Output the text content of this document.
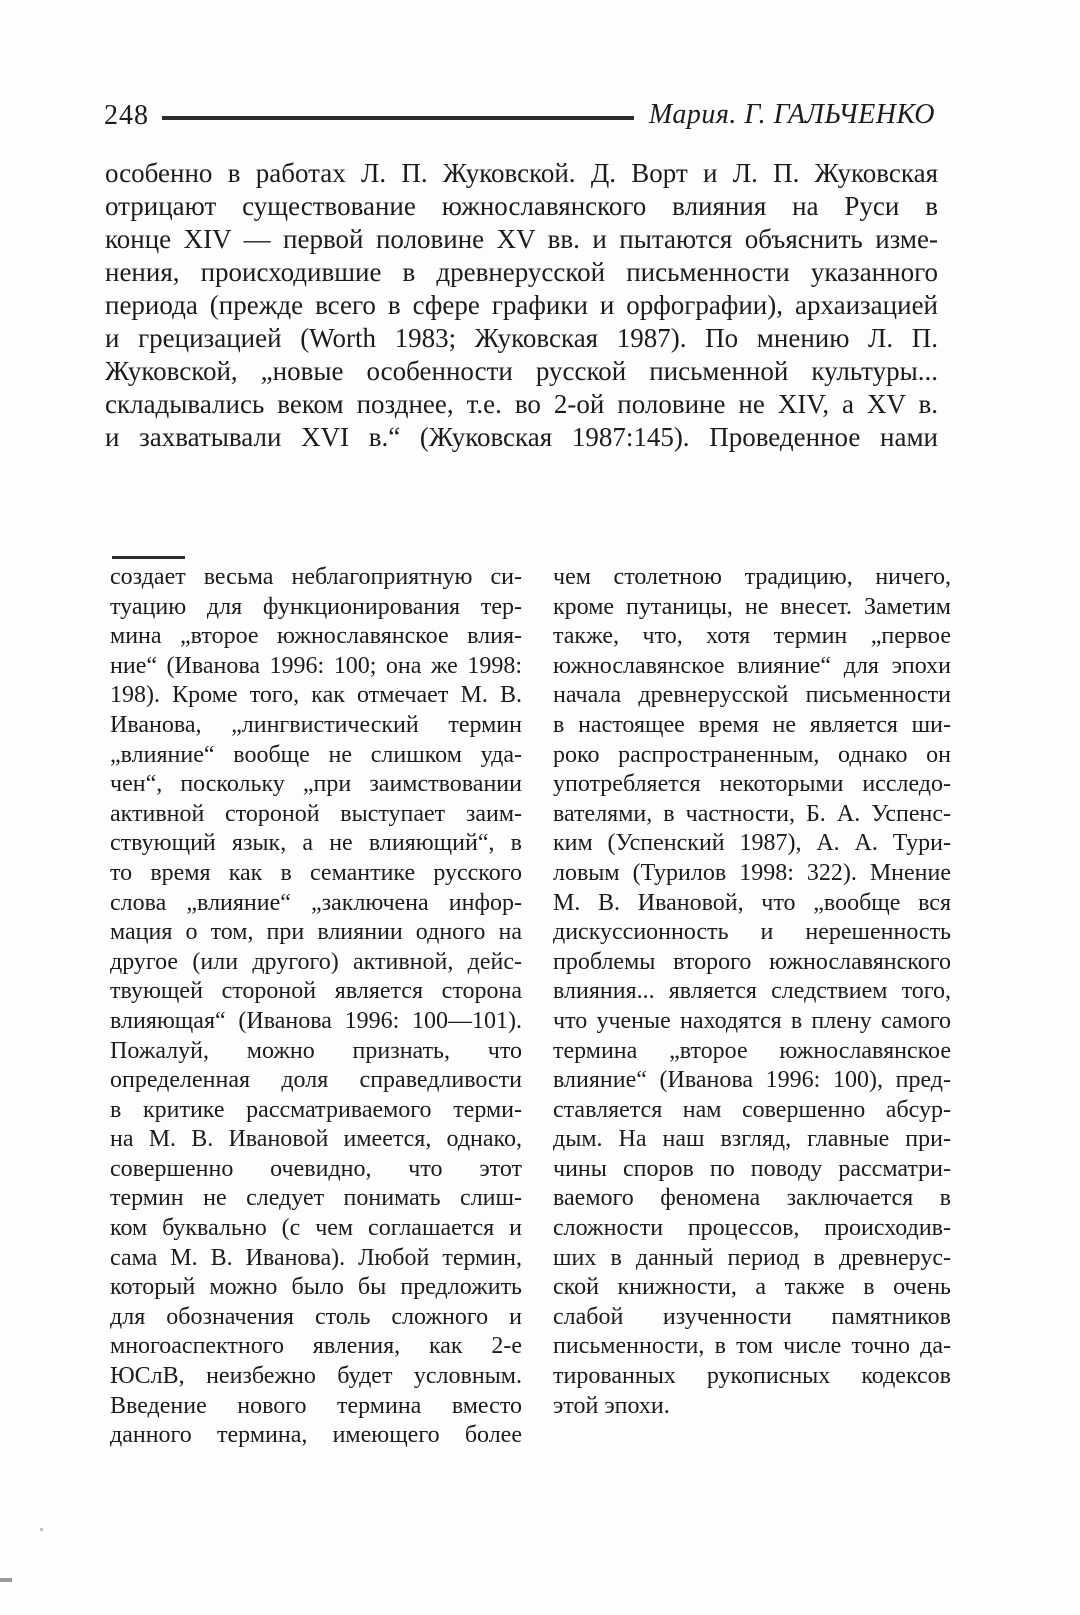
248	Мария. Г. ГАЛЬЧЕНКО
особенно в работах Л. П. Жуковской. Д. Ворт и Л. П. Жуковская
отрицают существование южнославянского влияния на Руси в
конце XIV — первой половине XV вв. и пытаются объяснить изме-
нения, происходившие в древнерусской письменности указанного
периода (прежде всего в сфере графики и орфографии), архаизацией
и грецизацией (Worth 1983; Жуковская 1987). По мнению Л. П.
Жуковской, „новые особенности русской письменной культуры...
складывались веком позднее, т.е. во 2-ой половине не XIV, а XV в.
и захватывали XVI в.“ (Жуковская 1987:145). Проведенное нами
создает весьма неблагоприятную си-
туацию для функционирования тер-
мина „второе южнославянское влия-
ние“ (Иванова 1996: 100; она же 1998:
198). Кроме того, как отмечает М. В.
Иванова, „лингвистический термин
„влияние“ вообще не слишком уда-
чен“, поскольку „при заимствовании
активной стороной выступает заим-
ствующий язык, а не влияющий“, в
то время как в семантике русского
слова „влияние“ „заключена инфор-
мация о том, при влиянии одного на
другое (или другого) активной, дейс-
твующей стороной является сторона
влияющая“ (Иванова 1996: 100—101).
Пожалуй, можно признать, что
определенная доля справедливости
в критике рассматриваемого терми-
на М. В. Ивановой имеется, однако,
совершенно очевидно, что этот
термин не следует понимать слиш-
ком буквально (с чем соглашается и
сама М. В. Иванова). Любой термин,
который можно было бы предложить
для обозначения столь сложного и
многоаспектного явления, как 2-е
ЮСлВ, неизбежно будет условным.
Введение нового термина вместо
данного термина, имеющего более
чем столетною традицию, ничего,
кроме путаницы, не внесет. Заметим
также, что, хотя термин „первое
южнославянское влияние“ для эпохи
начала древнерусской письменности
в настоящее время не является ши-
роко распространенным, однако он
употребляется некоторыми исследо-
вателями, в частности, Б. А. Успенс-
ким (Успенский 1987), А. А. Тури-
ловым (Турилов 1998: 322). Мнение
М. В. Ивановой, что „вообще вся
дискуссионность и нерешенность
проблемы второго южнославянского
влияния... является следствием того,
что ученые находятся в плену самого
термина „второе южнославянское
влияние“ (Иванова 1996: 100), пред-
ставляется нам совершенно абсур-
дым. На наш взгляд, главные при-
чины споров по поводу рассматри-
ваемого феномена заключается в
сложности процессов, происходив-
ших в данный период в древнерус-
ской книжности, а также в очень
слабой изученности памятников
письменности, в том числе точно да-
тированных рукописных кодексов
этой эпохи.
